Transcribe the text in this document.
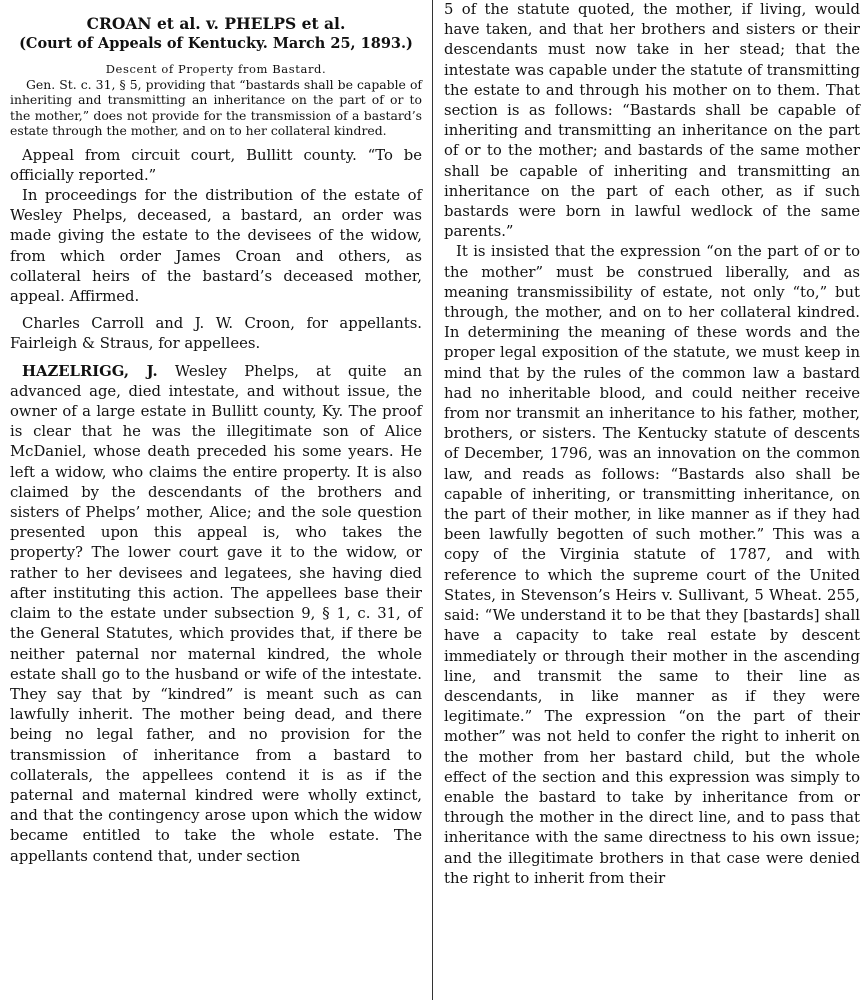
CROAN et al. v. PHELPS et al.

(Court of Appeals of Kentucky. March 25, 1893.)

Descent of Property from Bastard.

Gen. St. c. 31, § 5, providing that “bastards shall be capable of inheriting and transmitting an inheritance on the part of or to the mother,” does not provide for the transmission of a bastard’s estate through the mother, and on to her collateral kindred.

Appeal from circuit court, Bullitt county. “To be officially reported.”

In proceedings for the distribution of the estate of Wesley Phelps, deceased, a bastard, an order was made giving the estate to the devisees of the widow, from which order James Croan and others, as collateral heirs of the bastard’s deceased mother, appeal. Affirmed.

Charles Carroll and J. W. Croon, for appellants. Fairleigh & Straus, for appellees.

HAZELRIGG, J. Wesley Phelps, at quite an advanced age, died intestate, and without issue, the owner of a large estate in Bullitt county, Ky. The proof is clear that he was the illegitimate son of Alice McDaniel, whose death preceded his some years. He left a widow, who claims the entire property. It is also claimed by the descendants of the brothers and sisters of Phelps’ mother, Alice; and the sole question presented upon this appeal is, who takes the property? The lower court gave it to the widow, or rather to her devisees and legatees, she having died after instituting this action. The appellees base their claim to the estate under subsection 9, § 1, c. 31, of the General Statutes, which provides that, if there be neither paternal nor maternal kindred, the whole estate shall go to the husband or wife of the intestate. They say that by “kindred” is meant such as can lawfully inherit. The mother being dead, and there being no legal father, and no provision for the transmission of inheritance from a bastard to collaterals, the appellees contend it is as if the paternal and maternal kindred were wholly extinct, and that the contingency arose upon which the widow became entitled to take the whole estate. The appellants contend that, under section

5 of the statute quoted, the mother, if living, would have taken, and that her brothers and sisters or their descendants must now take in her stead; that the intestate was capable under the statute of transmitting the estate to and through his mother on to them. That section is as follows: “Bastards shall be capable of inheriting and transmitting an inheritance on the part of or to the mother; and bastards of the same mother shall be capable of inheriting and transmitting an inheritance on the part of each other, as if such bastards were born in lawful wedlock of the same parents.”

It is insisted that the expression “on the part of or to the mother” must be construed liberally, and as meaning transmissibility of estate, not only “to,” but through, the mother, and on to her collateral kindred. In determining the meaning of these words and the proper legal exposition of the statute, we must keep in mind that by the rules of the common law a bastard had no inheritable blood, and could neither receive from nor transmit an inheritance to his father, mother, brothers, or sisters. The Kentucky statute of descents of December, 1796, was an innovation on the common law, and reads as follows: “Bastards also shall be capable of inheriting, or transmitting inheritance, on the part of their mother, in like manner as if they had been lawfully begotten of such mother.” This was a copy of the Virginia statute of 1787, and with reference to which the supreme court of the United States, in Stevenson’s Heirs v. Sullivant, 5 Wheat. 255, said: “We understand it to be that they [bastards] shall have a capacity to take real estate by descent immediately or through their mother in the ascending line, and transmit the same to their line as descendants, in like manner as if they were legitimate.” The expression “on the part of their mother” was not held to confer the right to inherit on the mother from her bastard child, but the whole effect of the section and this expression was simply to enable the bastard to take by inheritance from or through the mother in the direct line, and to pass that inheritance with the same directness to his own issue; and the illegitimate brothers in that case were denied the right to inherit from their
